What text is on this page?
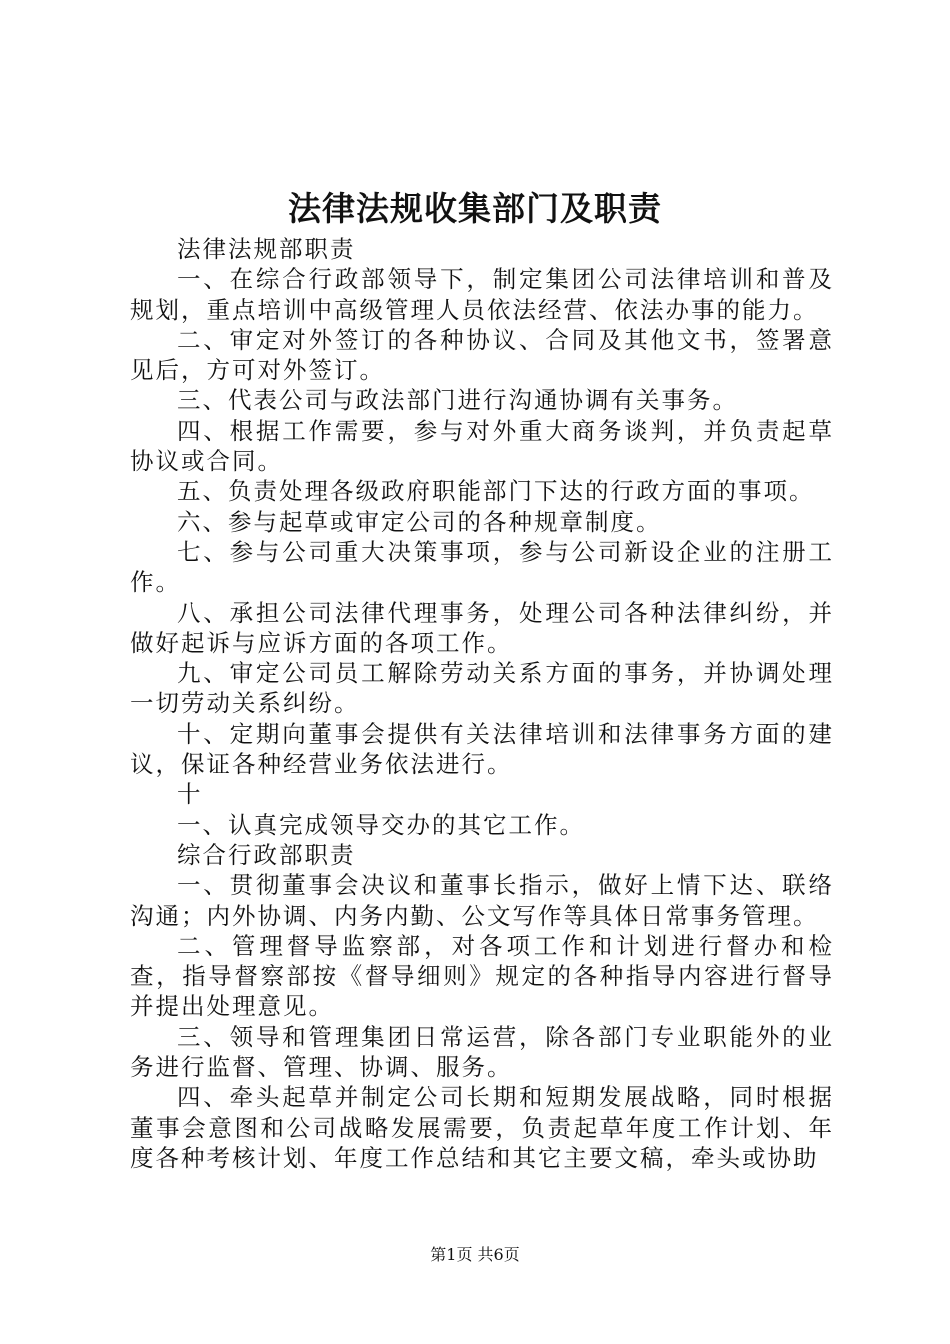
法律法规收集部门及职责

法律法规部职责

一、在综合行政部领导下，制定集团公司法律培训和普及规划，重点培训中高级管理人员依法经营、依法办事的能力。

二、审定对外签订的各种协议、合同及其他文书，签署意见后，方可对外签订。

三、代表公司与政法部门进行沟通协调有关事务。

四、根据工作需要，参与对外重大商务谈判，并负责起草协议或合同。

五、负责处理各级政府职能部门下达的行政方面的事项。

六、参与起草或审定公司的各种规章制度。

七、参与公司重大决策事项，参与公司新设企业的注册工作。

八、承担公司法律代理事务，处理公司各种法律纠纷，并做好起诉与应诉方面的各项工作。

九、审定公司员工解除劳动关系方面的事务，并协调处理一切劳动关系纠纷。

十、定期向董事会提供有关法律培训和法律事务方面的建议，保证各种经营业务依法进行。

十

一、认真完成领导交办的其它工作。

综合行政部职责

一、贯彻董事会决议和董事长指示，做好上情下达、联络沟通；内外协调、内务内勤、公文写作等具体日常事务管理。

二、管理督导监察部，对各项工作和计划进行督办和检查，指导督察部按《督导细则》规定的各种指导内容进行督导并提出处理意见。

三、领导和管理集团日常运营，除各部门专业职能外的业务进行监督、管理、协调、服务。

四、牵头起草并制定公司长期和短期发展战略，同时根据董事会意图和公司战略发展需要，负责起草年度工作计划、年度各种考核计划、年度工作总结和其它主要文稿，牵头或协助

第1页 共6页
